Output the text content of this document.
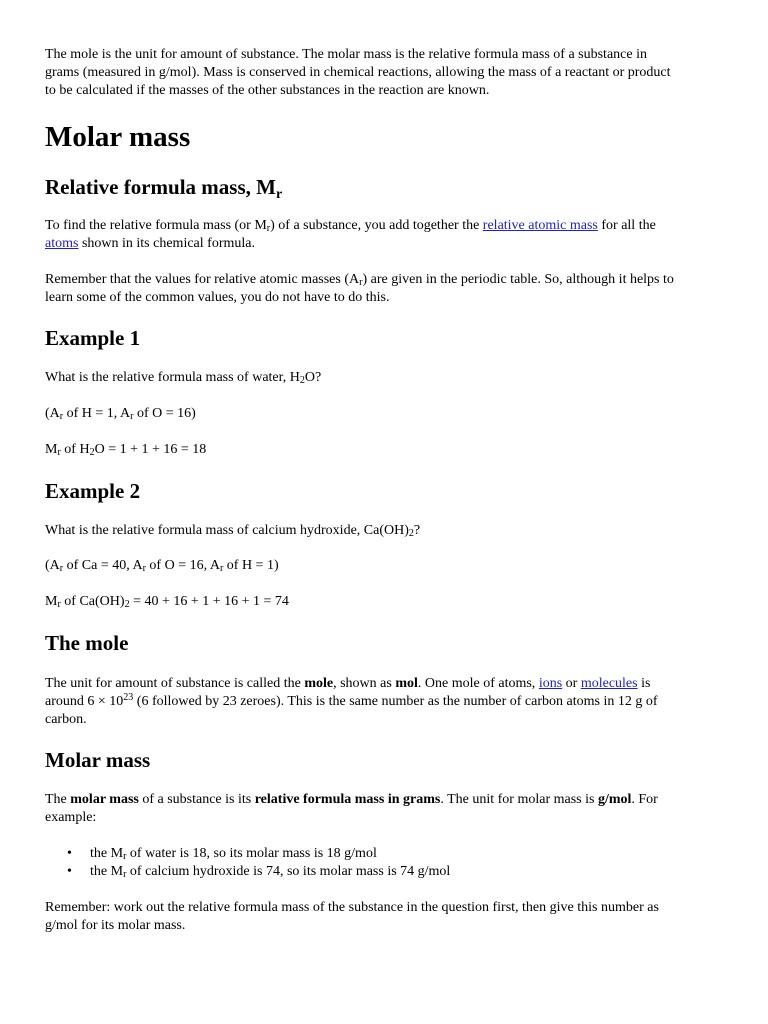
The mole is the unit for amount of substance. The molar mass is the relative formula mass of a substance in
grams (measured in g/mol). Mass is conserved in chemical reactions, allowing the mass of a reactant or product
to be calculated if the masses of the other substances in the reaction are known.

Molar mass
Relative formula mass, $M_r$

To find the relative formula mass (or $M_r$) of a substance, you add together the relative atomic mass for all the
atoms shown in its chemical formula.

Remember that the values for relative atomic masses $(A_r)$ are given in the periodic table. So, although it helps to
learn some of the common values, you do not have to do this.

Example 1

What is the relative formula mass of water, $H_2O$?

($A_r$ of H = 1, $A_r$ of O = 16)

$M_r$ of $H_2O = 1 + 1 + 16 = 18$

Example 2

What is the relative formula mass of calcium hydroxide, $Ca(OH)_2$?

($A_r$ of Ca = 40, $A_r$ of O = 16, $A_r$ of H = 1)

$M_r$ of $Ca(OH)_2 = 40 + 16 + 1 + 16 + 1 = 74$

The mole

The unit for amount of substance is called the mole, shown as mol. One mole of atoms, ions or molecules is
around $6 \times 10^{23}$ (6 followed by 23 zeroes). This is the same number as the number of carbon atoms in 12 g of
carbon.

Molar mass

The molar mass of a substance is its relative formula mass in grams. The unit for molar mass is g/mol. For
example:

• the $M_r$ of water is 18, so its molar mass is 18 g/mol
• the $M_r$ of calcium hydroxide is 74, so its molar mass is 74 g/mol

Remember: work out the relative formula mass of the substance in the question first, then give this number as
g/mol for its molar mass.
